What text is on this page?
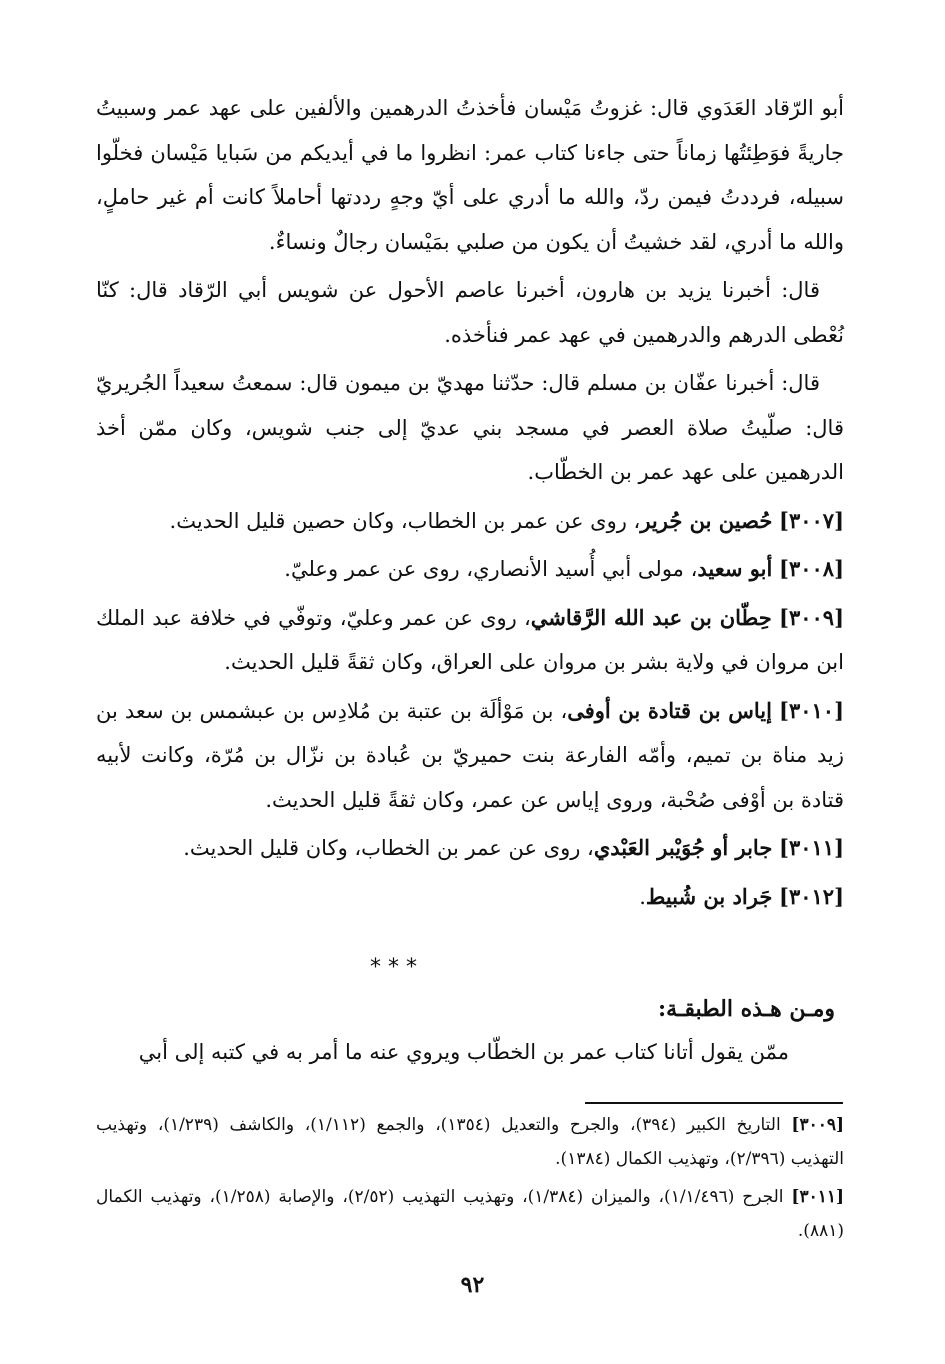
أبو الرّقاد العَدَوي قال: غزوتُ مَيْسان فأخذتُ الدرهمين والألفين على عهد عمر وسبيتُ جاريةً فوَطِئتُها زماناً حتى جاءنا كتاب عمر: انظروا ما في أيديكم من سَبايا مَيْسان فخلّوا سبيله، فرددتُ فيمن ردّ، والله ما أدري على أيّ وجهٍ رددتها أحاملاً كانت أم غير حاملٍ، والله ما أدري، لقد خشيتُ أن يكون من صلبي بمَيْسان رجالٌ ونساءٌ.

قال: أخبرنا يزيد بن هارون، أخبرنا عاصم الأحول عن شويس أبي الرّقاد قال: كنّا نُعْطى الدرهم والدرهمين في عهد عمر فنأخذه.

قال: أخبرنا عفّان بن مسلم قال: حدّثنا مهديّ بن ميمون قال: سمعتُ سعيداً الجُريريّ قال: صلّيتُ صلاة العصر في مسجد بني عديّ إلى جنب شويس، وكان ممّن أخذ الدرهمين على عهد عمر بن الخطّاب.

[٣٠٠٧] حُصين بن جُرير، روى عن عمر بن الخطاب، وكان حصين قليل الحديث.

[٣٠٠٨] أبو سعيد، مولى أبي أُسيد الأنصاري، روى عن عمر وعليّ.

[٣٠٠٩] حِطّان بن عبد الله الرَّقاشي، روى عن عمر وعليّ، وتوفّي في خلافة عبد الملك ابن مروان في ولاية بشر بن مروان على العراق، وكان ثقةً قليل الحديث.

[٣٠١٠] إياس بن قتادة بن أوفى، بن مَوْألَة بن عتبة بن مُلادِس بن عبشمس بن سعد بن زيد مناة بن تميم، وأمّه الفارعة بنت حميريّ بن عُبادة بن نزّال بن مُرّة، وكانت لأبيه قتادة بن أوْفى صُحْبة، وروى إياس عن عمر، وكان ثقةً قليل الحديث.

[٣٠١١] جابر أو جُوَيْبر العَبْدي، روى عن عمر بن الخطاب، وكان قليل الحديث.

[٣٠١٢] جَراد بن شُبيط.

* * *
ومـن هـذه الطبقـة:
ممّن يقول أتانا كتاب عمر بن الخطّاب ويروي عنه ما أمر به في كتبه إلى أبي

[٣٠٠٩] التاريخ الكبير (٣٩٤)، والجرح والتعديل (١٣٥٤)، والجمع (١/١١٢)، والكاشف (١/٢٣٩)، وتهذيب التهذيب (٢/٣٩٦)، وتهذيب الكمال (١٣٨٤).

[٣٠١١] الجرح (١/١/٤٩٦)، والميزان (١/٣٨٤)، وتهذيب التهذيب (٢/٥٢)، والإصابة (١/٢٥٨)، وتهذيب الكمال (٨٨١).

٩٢
